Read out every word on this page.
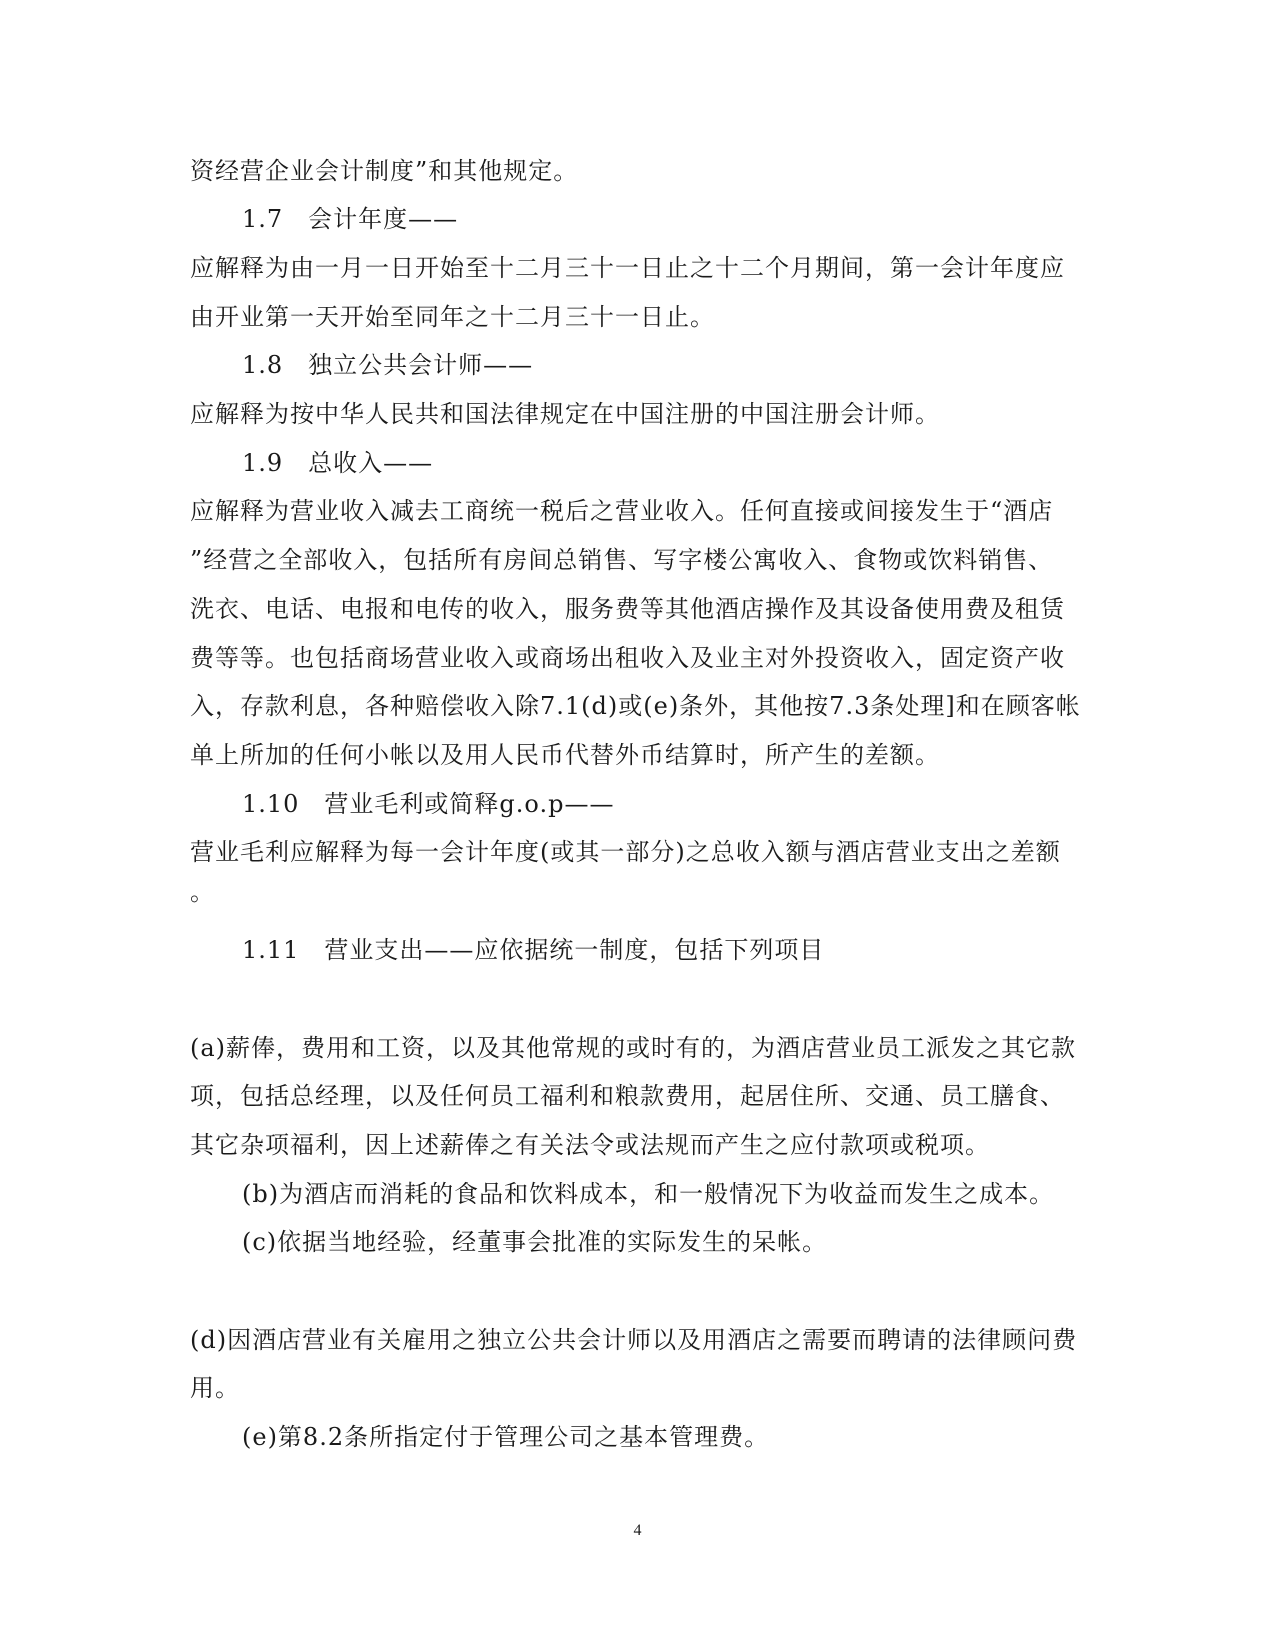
资经营企业会计制度”和其他规定。
1.7　会计年度——
应解释为由一月一日开始至十二月三十一日止之十二个月期间，第一会计年度应
由开业第一天开始至同年之十二月三十一日止。
1.8　独立公共会计师——
应解释为按中华人民共和国法律规定在中国注册的中国注册会计师。
1.9　总收入——
应解释为营业收入减去工商统一税后之营业收入。任何直接或间接发生于“酒店
”经营之全部收入，包括所有房间总销售、写字楼公寓收入、食物或饮料销售、
洗衣、电话、电报和电传的收入，服务费等其他酒店操作及其设备使用费及租赁
费等等。也包括商场营业收入或商场出租收入及业主对外投资收入，固定资产收
入，存款利息，各种赔偿收入除7.1(d)或(e)条外，其他按7.3条处理]和在顾客帐
单上所加的任何小帐以及用人民币代替外币结算时，所产生的差额。
1.10　营业毛利或简释g.o.p——
营业毛利应解释为每一会计年度(或其一部分)之总收入额与酒店营业支出之差额
。
1.11　营业支出——应依据统一制度，包括下列项目
(a)薪俸，费用和工资，以及其他常规的或时有的，为酒店营业员工派发之其它款
项，包括总经理，以及任何员工福利和粮款费用，起居住所、交通、员工膳食、
其它杂项福利，因上述薪俸之有关法令或法规而产生之应付款项或税项。
(b)为酒店而消耗的食品和饮料成本，和一般情况下为收益而发生之成本。
(c)依据当地经验，经董事会批准的实际发生的呆帐。
(d)因酒店营业有关雇用之独立公共会计师以及用酒店之需要而聘请的法律顾问费
用。
(e)第8.2条所指定付于管理公司之基本管理费。
4
